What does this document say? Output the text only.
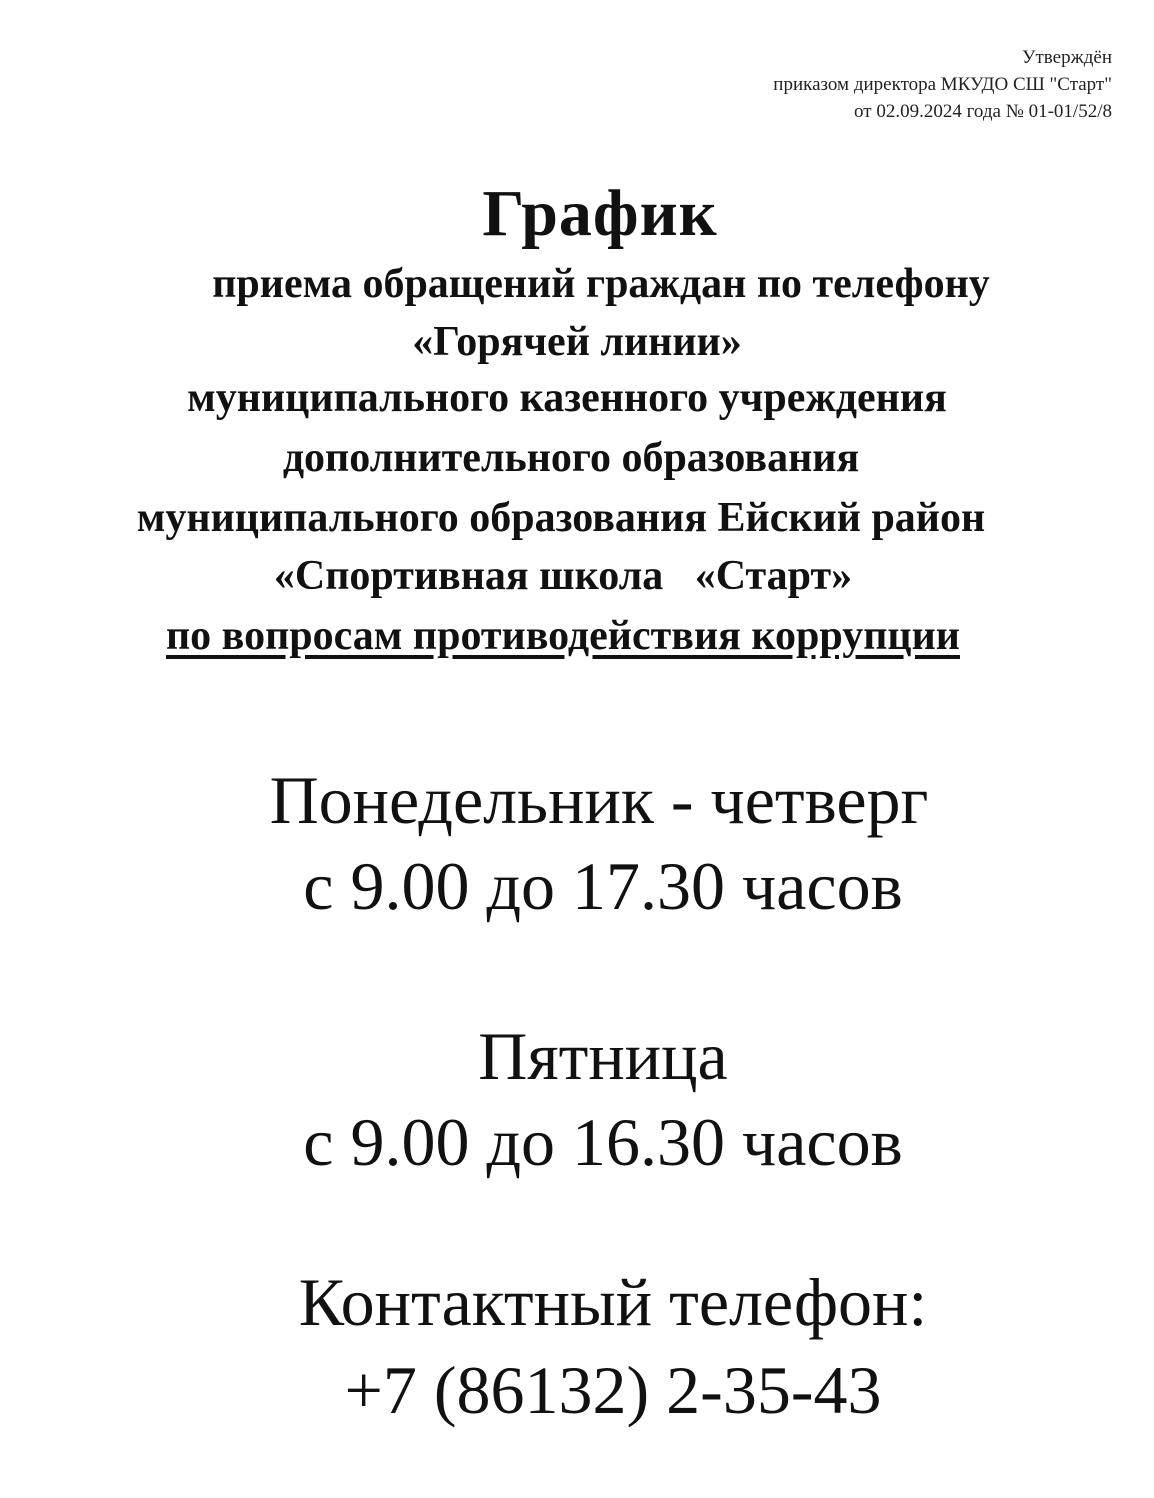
Утверждён
приказом директора МКУДО СШ "Старт"
от 02.09.2024 года № 01-01/52/8
График
приема обращений граждан по телефону
«Горячей линии»
муниципального казенного учреждения
дополнительного образования
муниципального образования Ейский район
«Спортивная школа   «Старт»
по вопросам противодействия коррупции
Понедельник - четверг
с 9.00 до 17.30 часов
Пятница
с 9.00 до 16.30 часов
Контактный телефон:
+7 (86132) 2-35-43
